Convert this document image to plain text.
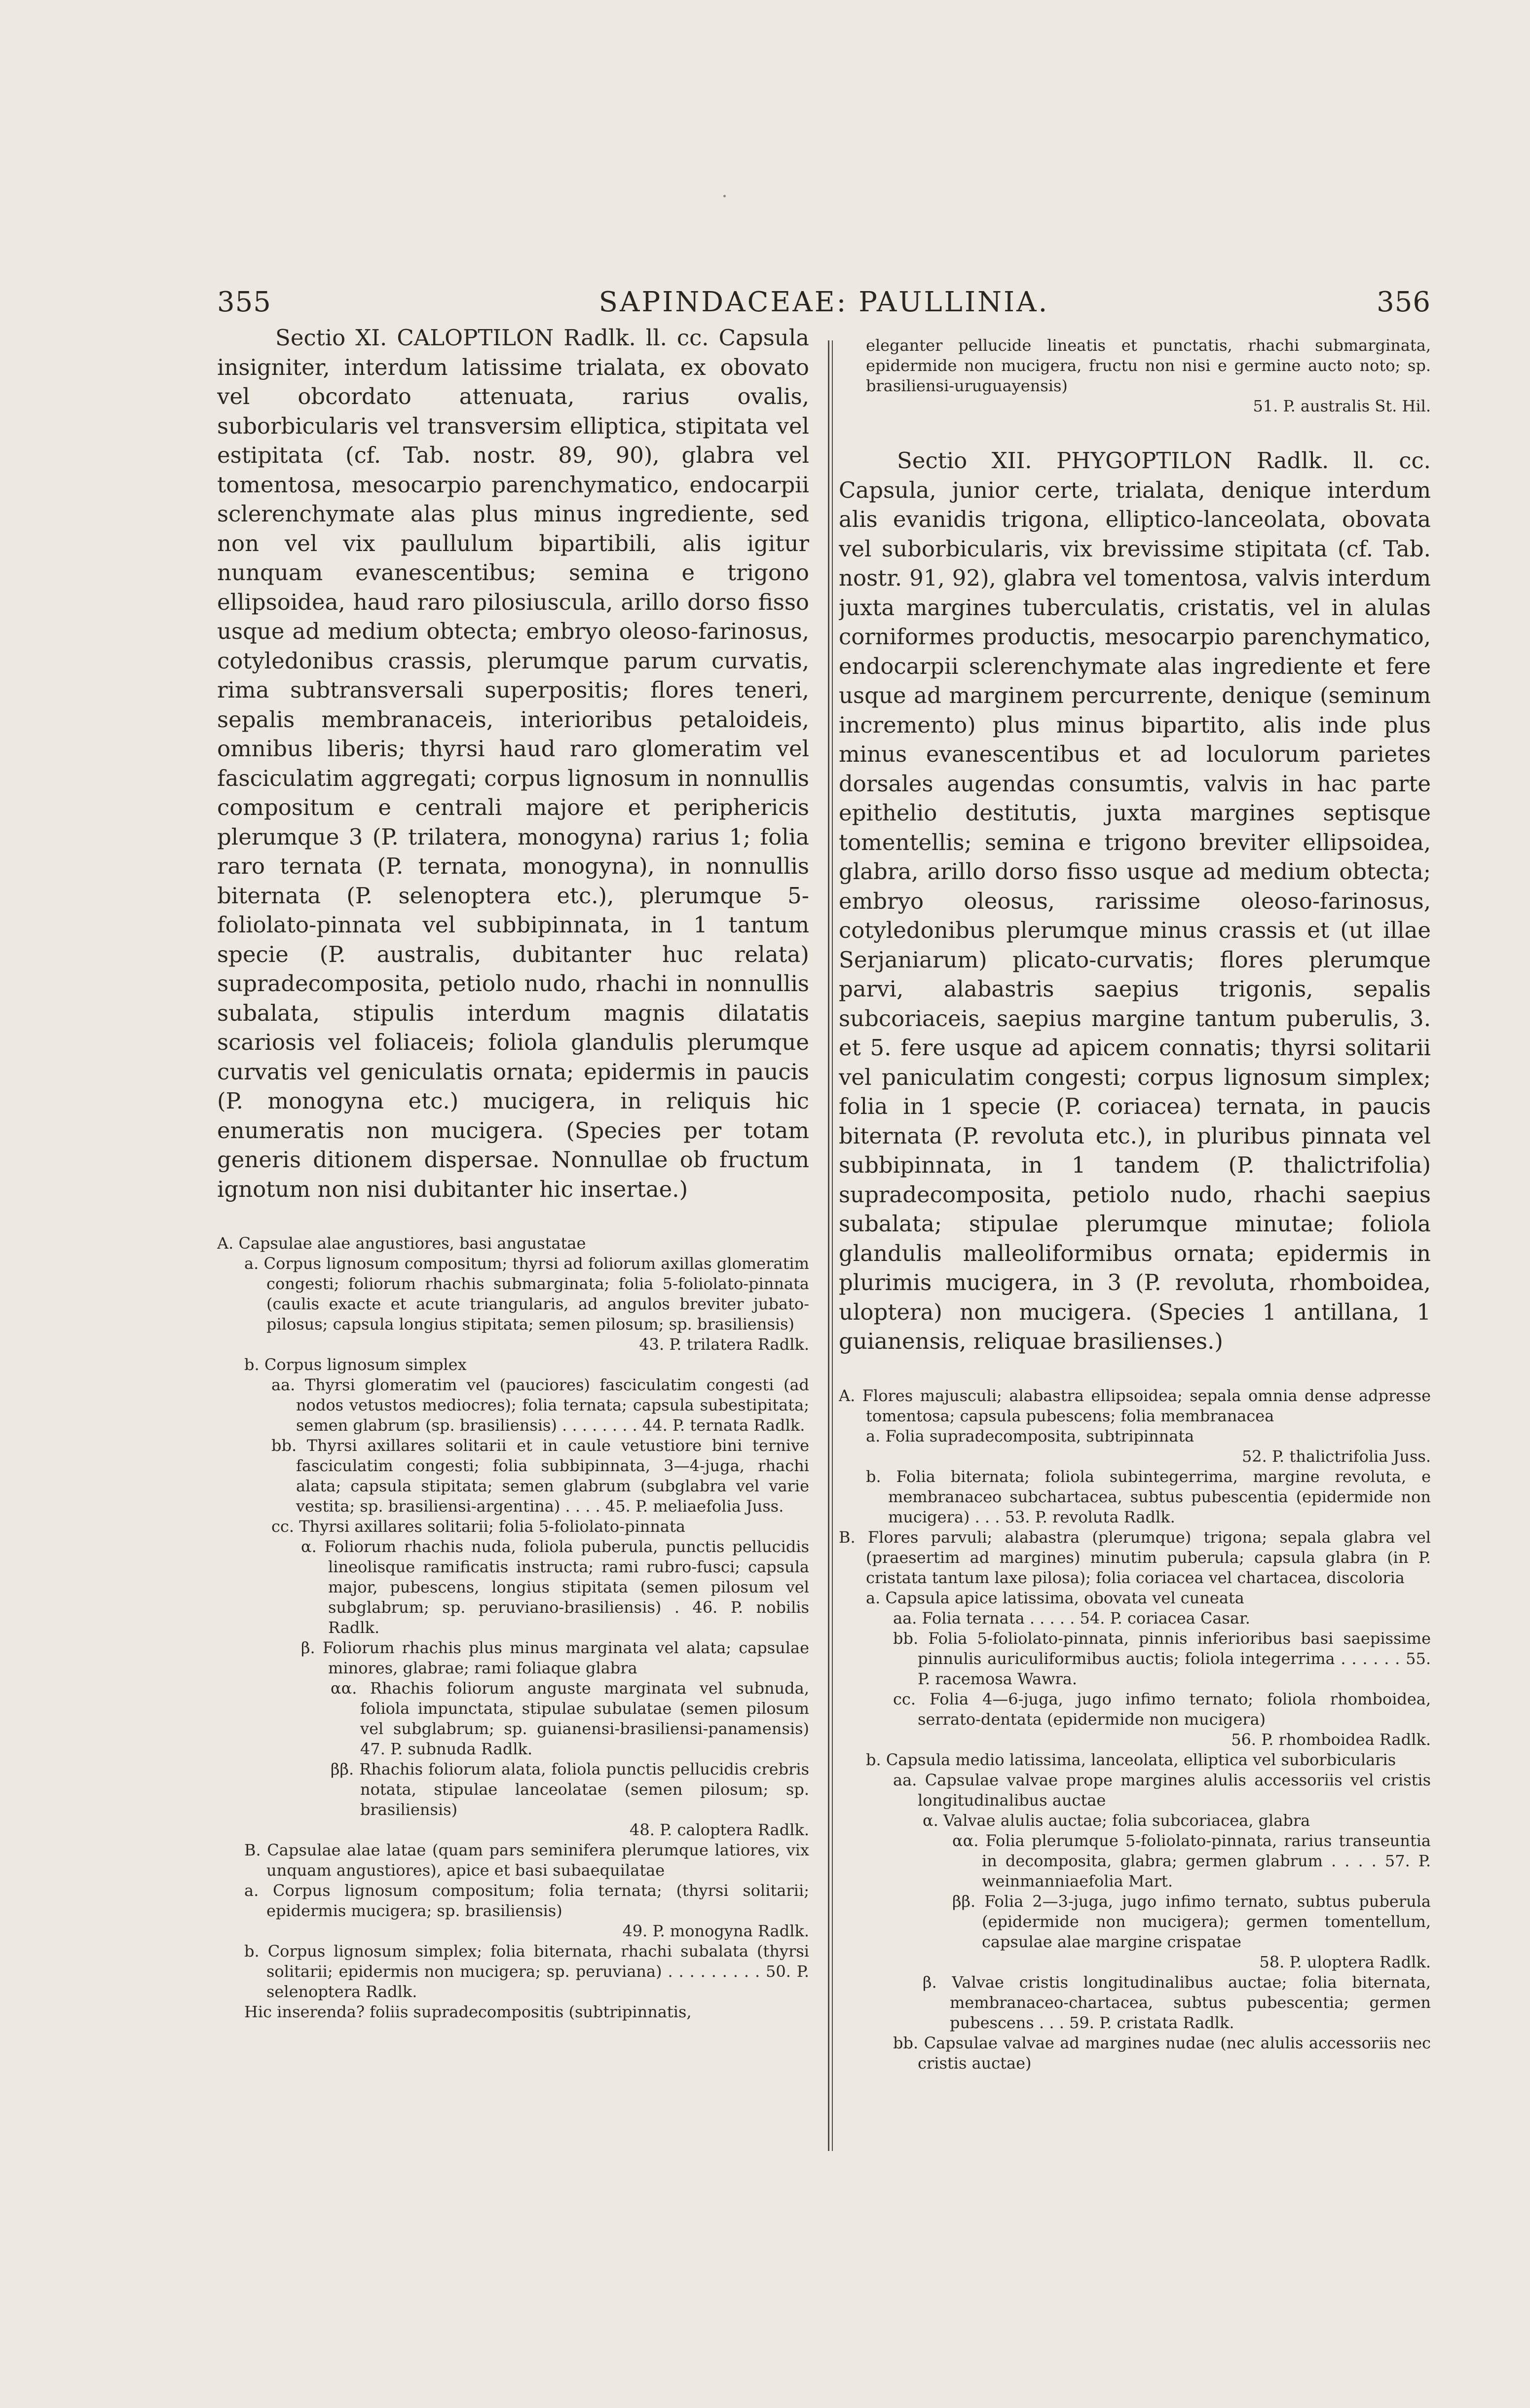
355	SAPINDACEAE: PAULLINIA.	356

Sectio XI. CALOPTILON Radlk. ll. cc. Capsula insigniter, interdum latissime trialata, ex obovato vel obcordato attenuata, rarius ovalis, suborbicularis vel transversim elliptica, stipitata vel estipitata (cf. Tab. nostr. 89, 90), glabra vel tomentosa, mesocarpio parenchymatico, endocarpii sclerenchymate alas plus minus ingrediente, sed non vel vix paullulum bipartibili, alis igitur nunquam evanescentibus; semina e trigono ellipsoidea, haud raro pilosiuscula, arillo dorso fisso usque ad medium obtecta; embryo oleoso-farinosus, cotyledonibus crassis, plerumque parum curvatis, rima subtransversali superpositis; flores teneri, sepalis membranaceis, interioribus petaloideis, omnibus liberis; thyrsi haud raro glomeratim vel fasciculatim aggregati; corpus lignosum in nonnullis compositum e centrali majore et periphericis plerumque 3 (P. trilatera, monogyna) rarius 1; folia raro ternata (P. ternata, monogyna), in nonnullis biternata (P. selenoptera etc.), plerumque 5-foliolato-pinnata vel subbipinnata, in 1 tantum specie (P. australis, dubitanter huc relata) supradecomposita, petiolo nudo, rhachi in nonnullis subalata, stipulis interdum magnis dilatatis scariosis vel foliaceis; foliola glandulis plerumque curvatis vel geniculatis ornata; epidermis in paucis (P. monogyna etc.) mucigera, in reliquis hic enumeratis non mucigera. (Species per totam generis ditionem dispersae. Nonnullae ob fructum ignotum non nisi dubitanter hic insertae.)

A. Capsulae alae angustiores, basi angustatae
a. Corpus lignosum compositum; thyrsi ad foliorum axillas glomeratim congesti; foliorum rhachis submarginata; folia 5-foliolato-pinnata (caulis exacte et acute triangularis, ad angulos breviter jubato-pilosus; capsula longius stipitata; semen pilosum; sp. brasiliensis)
43. P. trilatera Radlk.
b. Corpus lignosum simplex
aa. Thyrsi glomeratim vel (pauciores) fasciculatim congesti (ad nodos vetustos mediocres); folia ternata; capsula subestipitata; semen glabrum (sp. brasiliensis) . . . . . . . . 44. P. ternata Radlk.
bb. Thyrsi axillares solitarii et in caule vetustiore bini ternive fasciculatim congesti; folia subbipinnata, 3—4-juga, rhachi alata; capsula stipitata; semen glabrum (subglabra vel varie vestita; sp. brasiliensi-argentina) . . . . 45. P. meliaefolia Juss.
cc. Thyrsi axillares solitarii; folia 5-foliolato-pinnata
α. Foliorum rhachis nuda, foliola puberula, punctis pellucidis lineolisque ramificatis instructa; rami rubro-fusci; capsula major, pubescens, longius stipitata (semen pilosum vel subglabrum; sp. peruviano-brasiliensis) . 46. P. nobilis Radlk.
β. Foliorum rhachis plus minus marginata vel alata; capsulae minores, glabrae; rami foliaque glabra
αα. Rhachis foliorum anguste marginata vel subnuda, foliola impunctata, stipulae subulatae (semen pilosum vel subglabrum; sp. guianensi-brasiliensi-panamensis) 47. P. subnuda Radlk.
ββ. Rhachis foliorum alata, foliola punctis pellucidis crebris notata, stipulae lanceolatae (semen pilosum; sp. brasiliensis)
48. P. caloptera Radlk.
B. Capsulae alae latae (quam pars seminifera plerumque latiores, vix unquam angustiores), apice et basi subaequilatae
a. Corpus lignosum compositum; folia ternata; (thyrsi solitarii; epidermis mucigera; sp. brasiliensis)
49. P. monogyna Radlk.
b. Corpus lignosum simplex; folia biternata, rhachi subalata (thyrsi solitarii; epidermis non mucigera; sp. peruviana) . . . . . . . . . 50. P. selenoptera Radlk.
Hic inserenda? foliis supradecompositis (subtripinnatis,
eleganter pellucide lineatis et punctatis, rhachi submarginata, epidermide non mucigera, fructu non nisi e germine aucto noto; sp. brasiliensi-uruguayensis)
51. P. australis St. Hil.

Sectio XII. PHYGOPTILON Radlk. ll. cc. Capsula, junior certe, trialata, denique interdum alis evanidis trigona, elliptico-lanceolata, obovata vel suborbicularis, vix brevissime stipitata (cf. Tab. nostr. 91, 92), glabra vel tomentosa, valvis interdum juxta margines tuberculatis, cristatis, vel in alulas corniformes productis, mesocarpio parenchymatico, endocarpii sclerenchymate alas ingrediente et fere usque ad marginem percurrente, denique (seminum incremento) plus minus bipartito, alis inde plus minus evanescentibus et ad loculorum parietes dorsales augendas consumtis, valvis in hac parte epithelio destitutis, juxta margines septisque tomentellis; semina e trigono breviter ellipsoidea, glabra, arillo dorso fisso usque ad medium obtecta; embryo oleosus, rarissime oleoso-farinosus, cotyledonibus plerumque minus crassis et (ut illae Serjaniarum) plicato-curvatis; flores plerumque parvi, alabastris saepius trigonis, sepalis subcoriaceis, saepius margine tantum puberulis, 3. et 5. fere usque ad apicem connatis; thyrsi solitarii vel paniculatim congesti; corpus lignosum simplex; folia in 1 specie (P. coriacea) ternata, in paucis biternata (P. revoluta etc.), in pluribus pinnata vel subbipinnata, in 1 tandem (P. thalictrifolia) supradecomposita, petiolo nudo, rhachi saepius subalata; stipulae plerumque minutae; foliola glandulis malleoliformibus ornata; epidermis in plurimis mucigera, in 3 (P. revoluta, rhomboidea, uloptera) non mucigera. (Species 1 antillana, 1 guianensis, reliquae brasilienses.)

A. Flores majusculi; alabastra ellipsoidea; sepala omnia dense adpresse tomentosa; capsula pubescens; folia membranacea
a. Folia supradecomposita, subtripinnata
52. P. thalictrifolia Juss.
b. Folia biternata; foliola subintegerrima, margine revoluta, e membranaceo subchartacea, subtus pubescentia (epidermide non mucigera) . . . 53. P. revoluta Radlk.
B. Flores parvuli; alabastra (plerumque) trigona; sepala glabra vel (praesertim ad margines) minutim puberula; capsula glabra (in P. cristata tantum laxe pilosa); folia coriacea vel chartacea, discoloria
a. Capsula apice latissima, obovata vel cuneata
aa. Folia ternata . . . . . 54. P. coriacea Casar.
bb. Folia 5-foliolato-pinnata, pinnis inferioribus basi saepissime pinnulis auriculiformibus auctis; foliola integerrima . . . . . . 55. P. racemosa Wawra.
cc. Folia 4—6-juga, jugo infimo ternato; foliola rhomboidea, serrato-dentata (epidermide non mucigera)
56. P. rhomboidea Radlk.
b. Capsula medio latissima, lanceolata, elliptica vel suborbicularis
aa. Capsulae valvae prope margines alulis accessoriis vel cristis longitudinalibus auctae
α. Valvae alulis auctae; folia subcoriacea, glabra
αα. Folia plerumque 5-foliolato-pinnata, rarius transeuntia in decomposita, glabra; germen glabrum . . . . 57. P. weinmanniaefolia Mart.
ββ. Folia 2—3-juga, jugo infimo ternato, subtus puberula (epidermide non mucigera); germen tomentellum, capsulae alae margine crispatae
58. P. uloptera Radlk.
β. Valvae cristis longitudinalibus auctae; folia biternata, membranaceo-chartacea, subtus pubescentia; germen pubescens . . . 59. P. cristata Radlk.
bb. Capsulae valvae ad margines nudae (nec alulis accessoriis nec cristis auctae)
